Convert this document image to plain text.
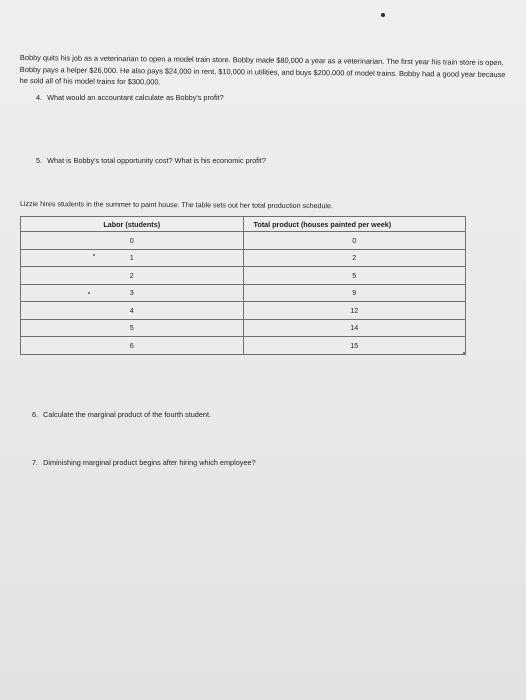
Bobby quits his job as a veterinarian to open a model train store. Bobby made $80,000 a year as a veterinarian. The first year his train store is open, Bobby pays a helper $26,000. He also pays $24,000 in rent, $10,000 in utilities, and buys $200,000 of model trains. Bobby had a good year because he sold all of his model trains for $300,000.
4. What would an accountant calculate as Bobby's profit?
5. What is Bobby's total opportunity cost? What is his economic profit?
Lizzie hires students in the summer to paint house. The table sets out her total production schedule.
Labor (students)	Total product (houses painted per week)
0	0
1	2
2	5
3	9
4	12
5	14
6	15
6. Calculate the marginal product of the fourth student.
7. Diminishing marginal product begins after hiring which employee?
